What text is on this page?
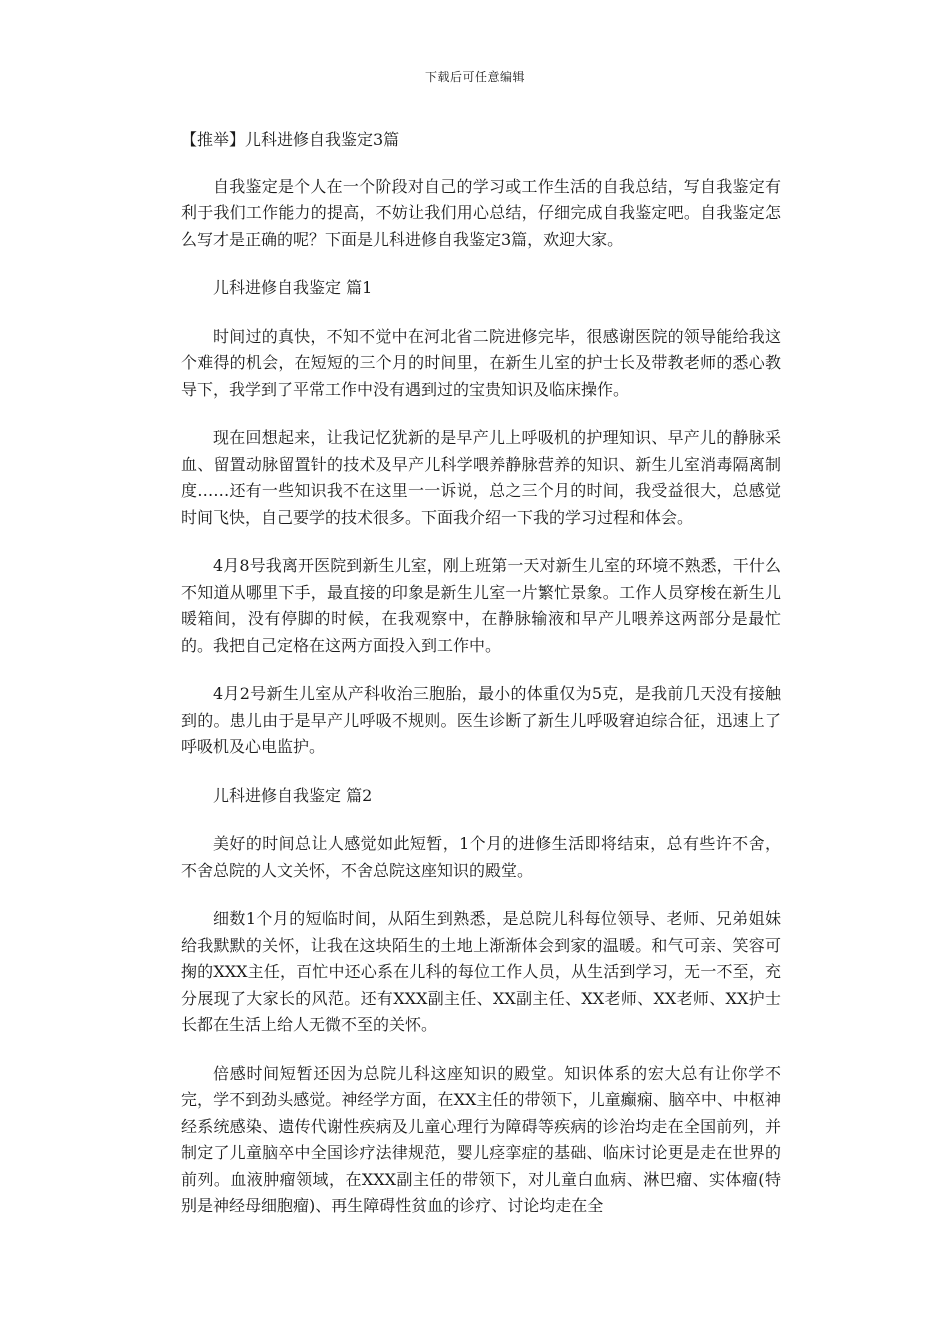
下载后可任意编辑
【推举】儿科进修自我鉴定3篇

自我鉴定是个人在一个阶段对自己的学习或工作生活的自我总结，写自我鉴定有利于我们工作能力的提高，不妨让我们用心总结，仔细完成自我鉴定吧。自我鉴定怎么写才是正确的呢？下面是儿科进修自我鉴定3篇，欢迎大家。

儿科进修自我鉴定 篇1

时间过的真快，不知不觉中在河北省二院进修完毕，很感谢医院的领导能给我这个难得的机会，在短短的三个月的时间里，在新生儿室的护士长及带教老师的悉心教导下，我学到了平常工作中没有遇到过的宝贵知识及临床操作。

现在回想起来，让我记忆犹新的是早产儿上呼吸机的护理知识、早产儿的静脉采血、留置动脉留置针的技术及早产儿科学喂养静脉营养的知识、新生儿室消毒隔离制度……还有一些知识我不在这里一一诉说，总之三个月的时间，我受益很大，总感觉时间飞快，自己要学的技术很多。下面我介绍一下我的学习过程和体会。

4月8号我离开医院到新生儿室，刚上班第一天对新生儿室的环境不熟悉，干什么不知道从哪里下手，最直接的印象是新生儿室一片繁忙景象。工作人员穿梭在新生儿暖箱间，没有停脚的时候，在我观察中，在静脉输液和早产儿喂养这两部分是最忙的。我把自己定格在这两方面投入到工作中。

4月2号新生儿室从产科收治三胞胎，最小的体重仅为5克，是我前几天没有接触到的。患儿由于是早产儿呼吸不规则。医生诊断了新生儿呼吸窘迫综合征，迅速上了呼吸机及心电监护。

儿科进修自我鉴定 篇2

美好的时间总让人感觉如此短暂，1个月的进修生活即将结束，总有些许不舍，不舍总院的人文关怀，不舍总院这座知识的殿堂。

细数1个月的短临时间，从陌生到熟悉，是总院儿科每位领导、老师、兄弟姐妹给我默默的关怀，让我在这块陌生的土地上渐渐体会到家的温暖。和气可亲、笑容可掬的XXX主任，百忙中还心系在儿科的每位工作人员，从生活到学习，无一不至，充分展现了大家长的风范。还有XXX副主任、XX副主任、XX老师、XX老师、XX护士长都在生活上给人无微不至的关怀。

倍感时间短暂还因为总院儿科这座知识的殿堂。知识体系的宏大总有让你学不完，学不到劲头感觉。神经学方面，在XX主任的带领下，儿童癫痫、脑卒中、中枢神经系统感染、遗传代谢性疾病及儿童心理行为障碍等疾病的诊治均走在全国前列，并制定了儿童脑卒中全国诊疗法律规范，婴儿痉挛症的基础、临床讨论更是走在世界的前列。血液肿瘤领域，在XXX副主任的带领下，对儿童白血病、淋巴瘤、实体瘤(特别是神经母细胞瘤)、再生障碍性贫血的诊疗、讨论均走在全
